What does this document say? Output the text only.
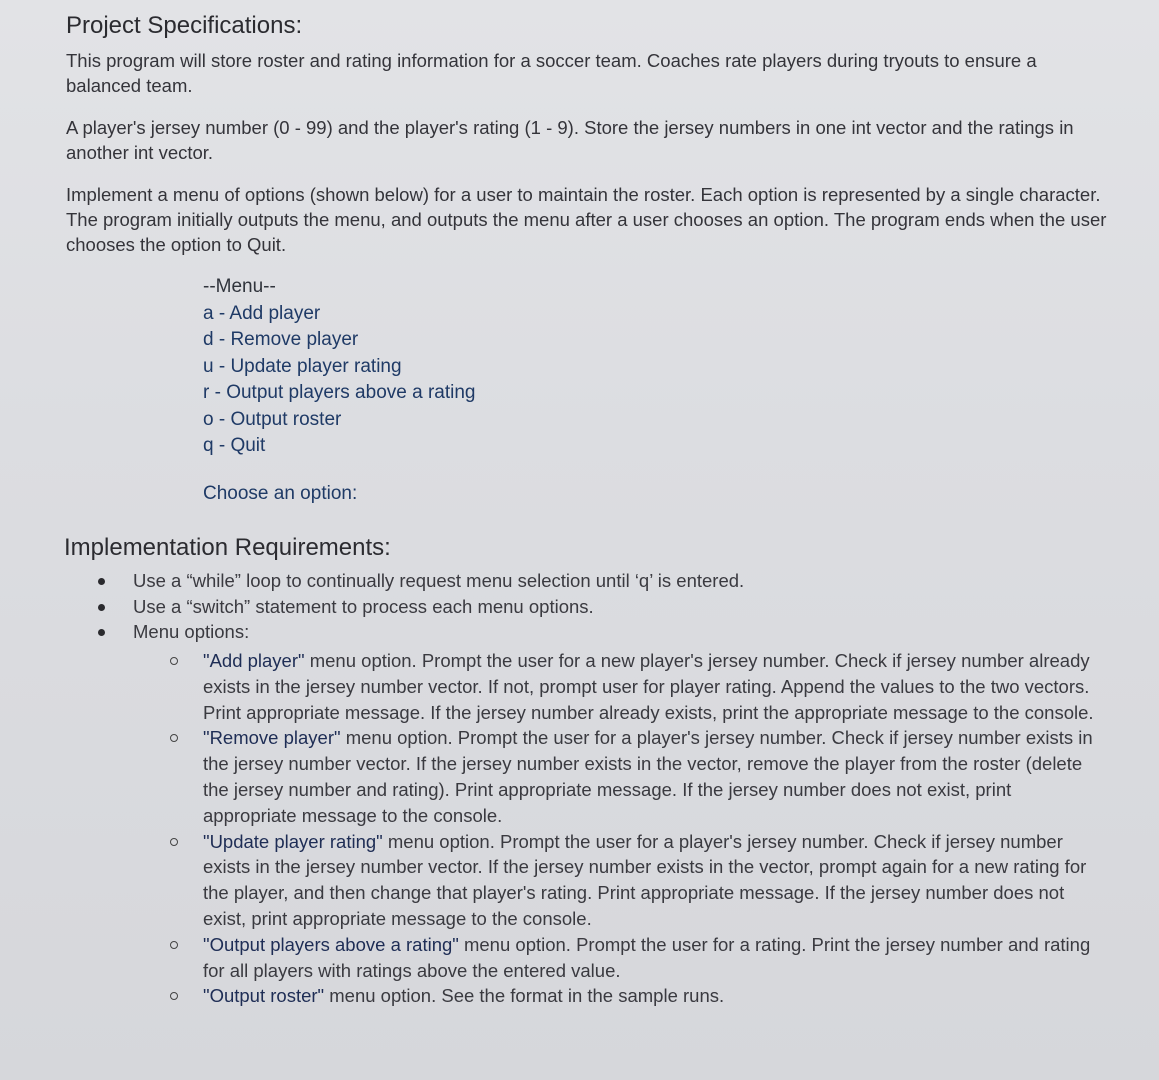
Project Specifications:

This program will store roster and rating information for a soccer team. Coaches rate players during tryouts to ensure a balanced team.

A player's jersey number (0 - 99) and the player's rating (1 - 9). Store the jersey numbers in one int vector and the ratings in another int vector.

Implement a menu of options (shown below) for a user to maintain the roster. Each option is represented by a single character. The program initially outputs the menu, and outputs the menu after a user chooses an option. The program ends when the user chooses the option to Quit.

--Menu--
a - Add player
d - Remove player
u - Update player rating
r - Output players above a rating
o - Output roster
q - Quit
Choose an option:
Implementation Requirements:
Use a “while” loop to continually request menu selection until ‘q’ is entered.
Use a “switch” statement to process each menu options.
Menu options:
"Add player" menu option. Prompt the user for a new player's jersey number. Check if jersey number already exists in the jersey number vector. If not, prompt user for player rating. Append the values to the two vectors. Print appropriate message. If the jersey number already exists, print the appropriate message to the console.
"Remove player" menu option. Prompt the user for a player's jersey number. Check if jersey number exists in the jersey number vector. If the jersey number exists in the vector, remove the player from the roster (delete the jersey number and rating). Print appropriate message. If the jersey number does not exist, print appropriate message to the console.
"Update player rating" menu option. Prompt the user for a player's jersey number. Check if jersey number exists in the jersey number vector. If the jersey number exists in the vector, prompt again for a new rating for the player, and then change that player's rating. Print appropriate message. If the jersey number does not exist, print appropriate message to the console.
"Output players above a rating" menu option. Prompt the user for a rating. Print the jersey number and rating for all players with ratings above the entered value.
"Output roster" menu option. See the format in the sample runs.
